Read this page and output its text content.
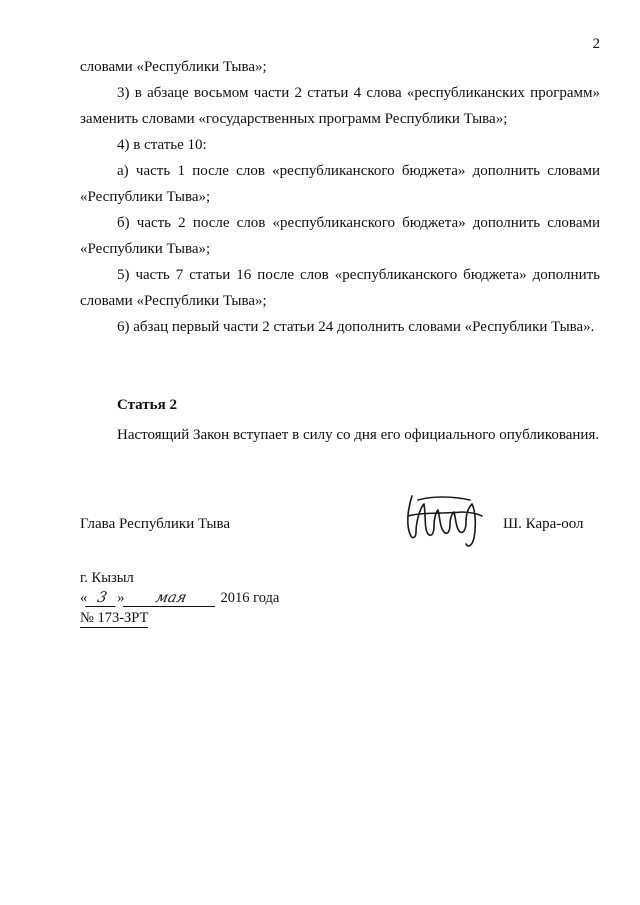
2

словами «Республики Тыва»;

3) в абзаце восьмом части 2 статьи 4 слова «республиканских программ» заменить словами «государственных программ Республики Тыва»;

4) в статье 10:

а) часть 1 после слов «республиканского бюджета» дополнить словами «Республики Тыва»;

б) часть 2 после слов «республиканского бюджета» дополнить словами «Республики Тыва»;

5) часть 7 статьи 16 после слов «республиканского бюджета» дополнить словами «Республики Тыва»;

6) абзац первый части 2 статьи 24 дополнить словами «Республики Тыва».

Статья 2

Настоящий Закон вступает в силу со дня его официального опубликования.

Глава Республики Тыва	Ш. Кара-оол
г. Кызыл
« 3 »	мая	2016 года
№ 173-ЗРТ
